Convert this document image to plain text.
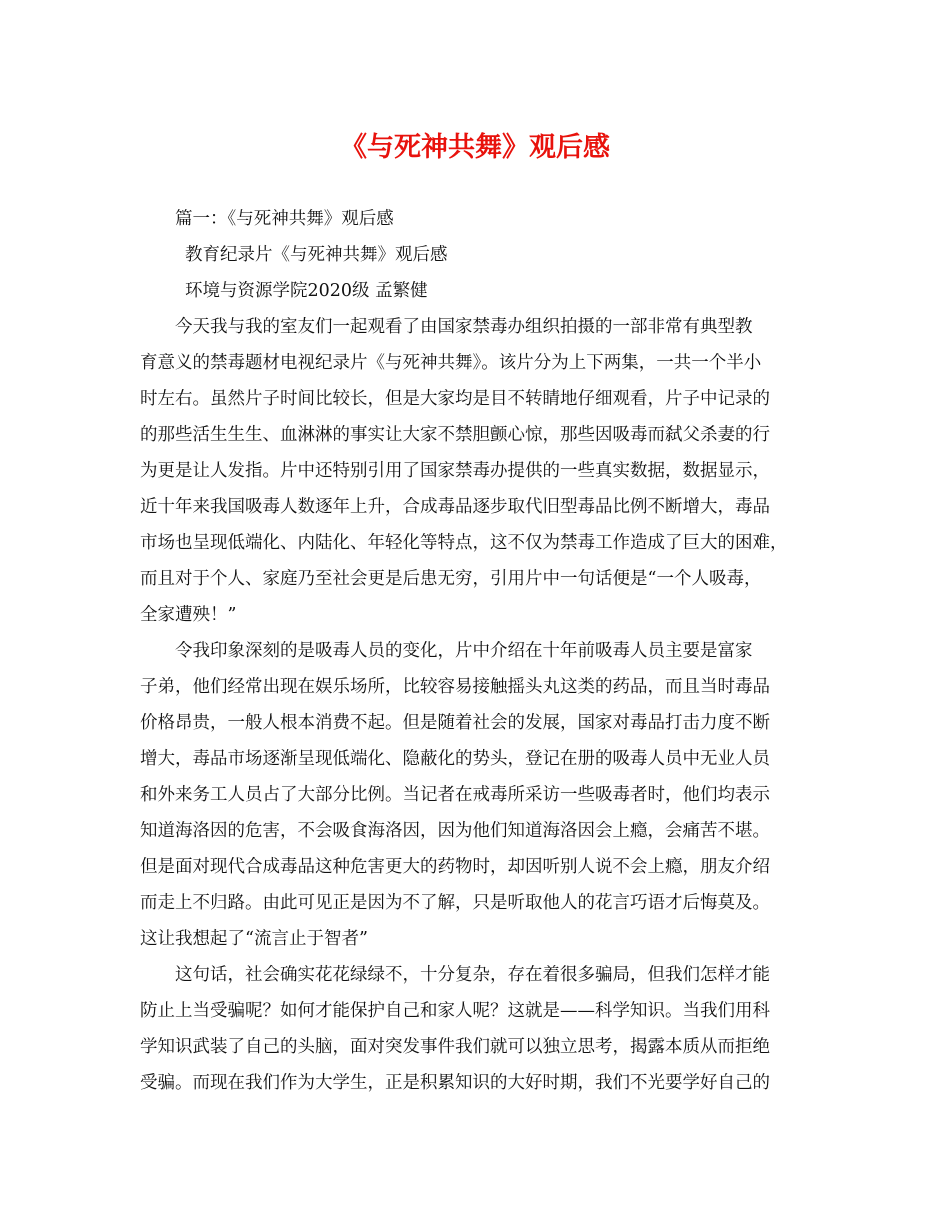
《与死神共舞》观后感
篇一：《与死神共舞》观后感
教育纪录片《与死神共舞》观后感
环境与资源学院2020级 孟繁健
今天我与我的室友们一起观看了由国家禁毒办组织拍摄的一部非常有典型教
育意义的禁毒题材电视纪录片《与死神共舞》。该片分为上下两集，一共一个半小
时左右。虽然片子时间比较长，但是大家均是目不转睛地仔细观看，片子中记录的
的那些活生生生、血淋淋的事实让大家不禁胆颤心惊，那些因吸毒而弑父杀妻的行
为更是让人发指。片中还特别引用了国家禁毒办提供的一些真实数据，数据显示，
近十年来我国吸毒人数逐年上升，合成毒品逐步取代旧型毒品比例不断增大，毒品
市场也呈现低端化、内陆化、年轻化等特点，这不仅为禁毒工作造成了巨大的困难，
而且对于个人、家庭乃至社会更是后患无穷，引用片中一句话便是“一个人吸毒，
全家遭殃！”
令我印象深刻的是吸毒人员的变化，片中介绍在十年前吸毒人员主要是富家
子弟，他们经常出现在娱乐场所，比较容易接触摇头丸这类的药品，而且当时毒品
价格昂贵，一般人根本消费不起。但是随着社会的发展，国家对毒品打击力度不断
增大，毒品市场逐渐呈现低端化、隐蔽化的势头，登记在册的吸毒人员中无业人员
和外来务工人员占了大部分比例。当记者在戒毒所采访一些吸毒者时，他们均表示
知道海洛因的危害，不会吸食海洛因，因为他们知道海洛因会上瘾，会痛苦不堪。
但是面对现代合成毒品这种危害更大的药物时，却因听别人说不会上瘾，朋友介绍
而走上不归路。由此可见正是因为不了解，只是听取他人的花言巧语才后悔莫及。
这让我想起了“流言止于智者”
这句话，社会确实花花绿绿不，十分复杂，存在着很多骗局，但我们怎样才能
防止上当受骗呢？如何才能保护自己和家人呢？这就是——科学知识。当我们用科
学知识武装了自己的头脑，面对突发事件我们就可以独立思考，揭露本质从而拒绝
受骗。而现在我们作为大学生，正是积累知识的大好时期，我们不光要学好自己的
